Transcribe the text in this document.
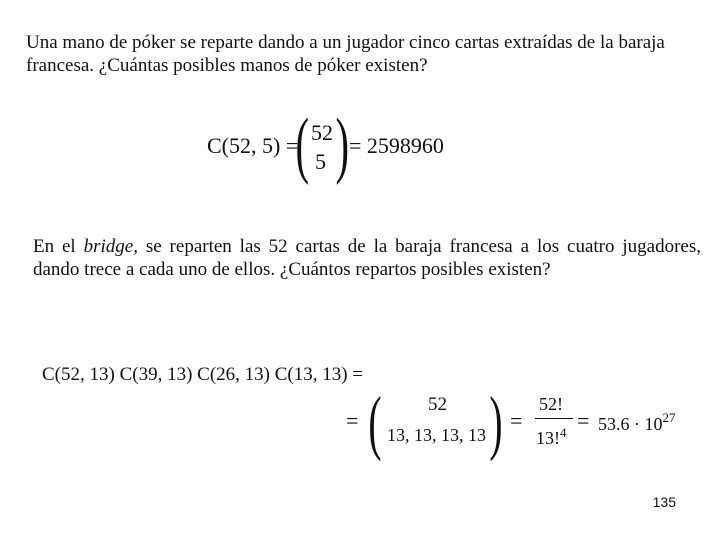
Una mano de póker se reparte dando a un jugador cinco cartas extraídas de la baraja francesa. ¿Cuántas posibles manos de póker existen?

C(52, 5) =
( 52
5 ) = 2598960

En el bridge, se reparten las 52 cartas de la baraja francesa a los cuatro jugadores, dando trece a cada uno de ellos. ¿Cuántos repartos posibles existen?

C(52, 13) C(39, 13) C(26, 13) C(13, 13) =
= ( 52
13, 13, 13, 13 ) =
52!
$13!^4 = 53.6 \cdot 10^{27}$
135
